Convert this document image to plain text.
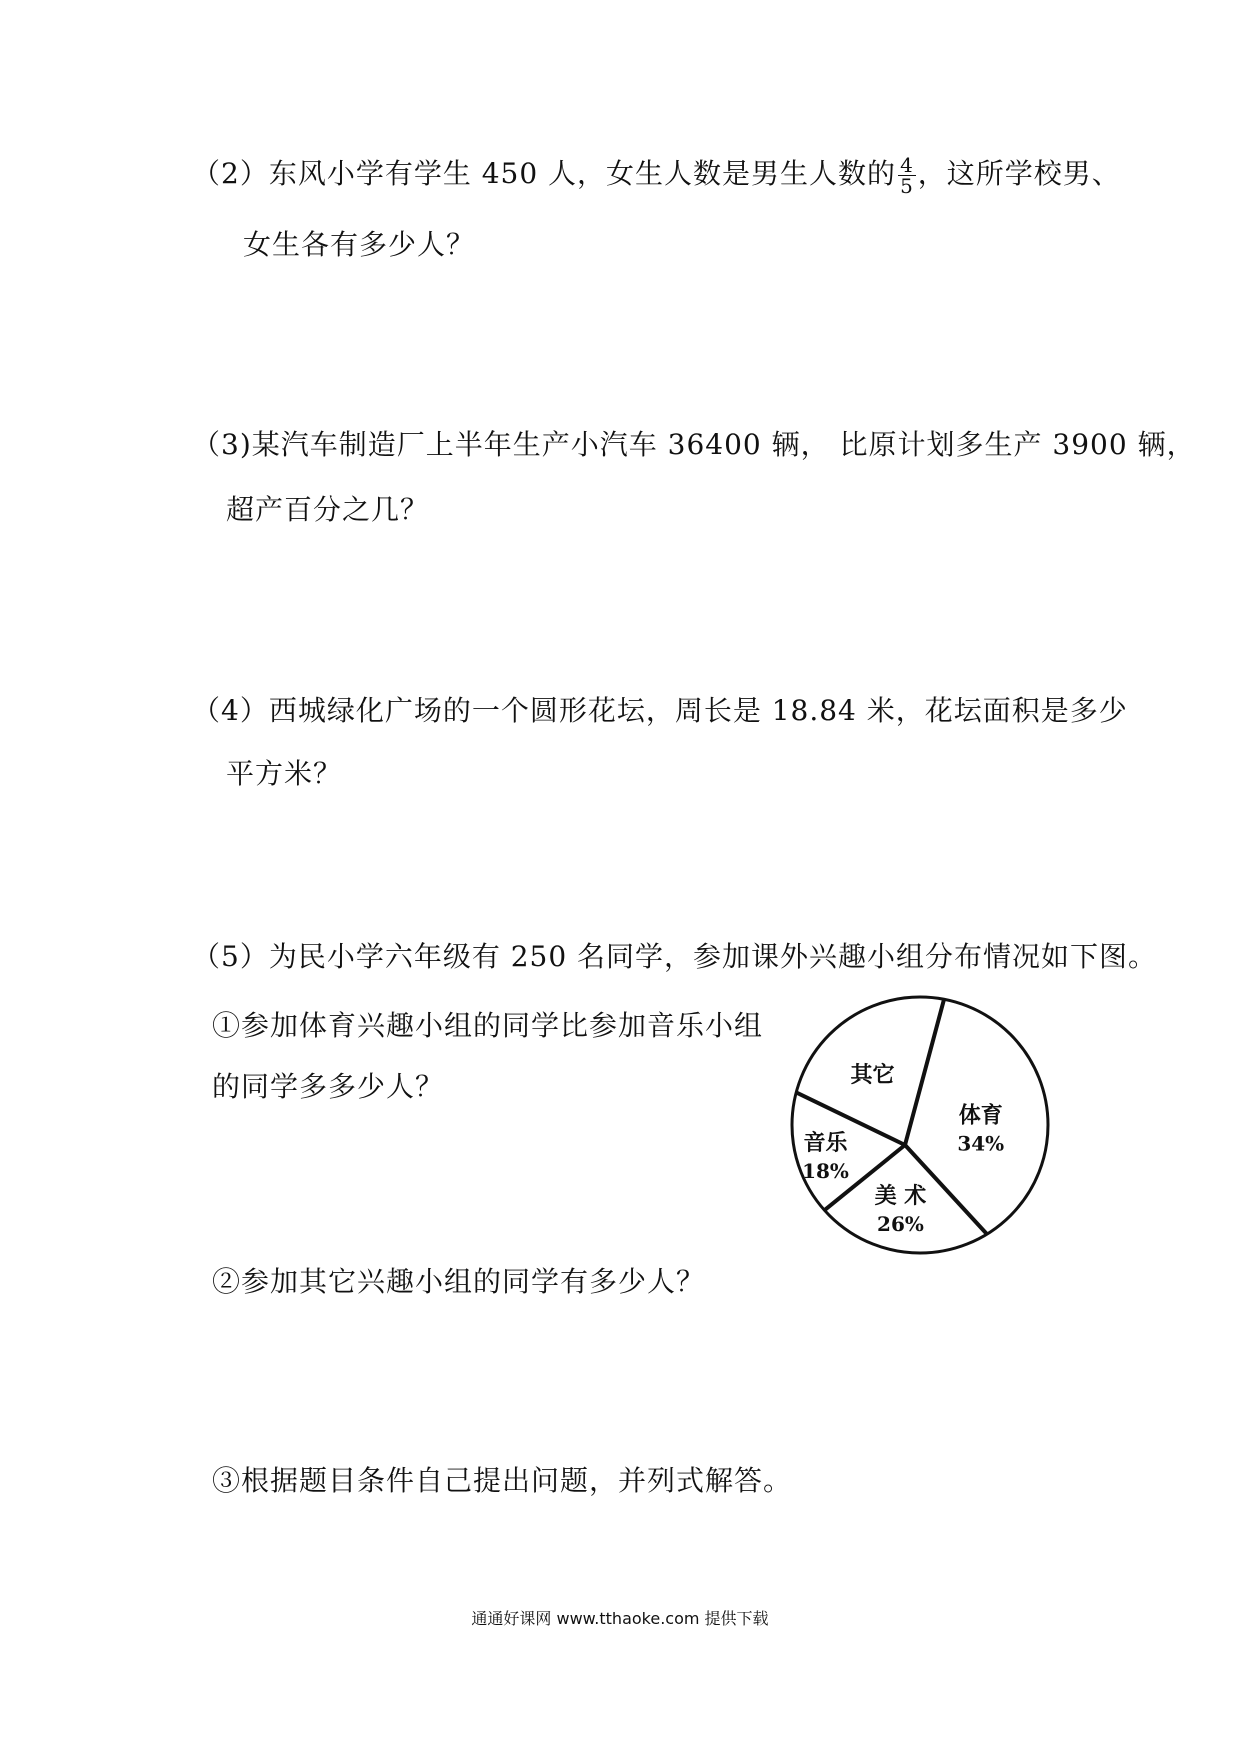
（2）东风小学有学生 450 人，女生人数是男生人数的 $\frac{4}{5}$ ，这所学校男、
女生各有多少人？
（3)某汽车制造厂上半年生产小汽车 36400 辆， 比原计划多生产 3900 辆，
超产百分之几？
（4）西城绿化广场的一个圆形花坛，周长是 18.84 米，花坛面积是多少
平方米？
（5）为民小学六年级有 250 名同学，参加课外兴趣小组分布情况如下图。
①参加体育兴趣小组的同学比参加音乐小组
的同学多多少人？
②参加其它兴趣小组的同学有多少人？
③根据题目条件自己提出问题，并列式解答。
体育
34%
美 术
26%
音乐
18%
其它
通通好课网 www.tthaoke.com 提供下载
